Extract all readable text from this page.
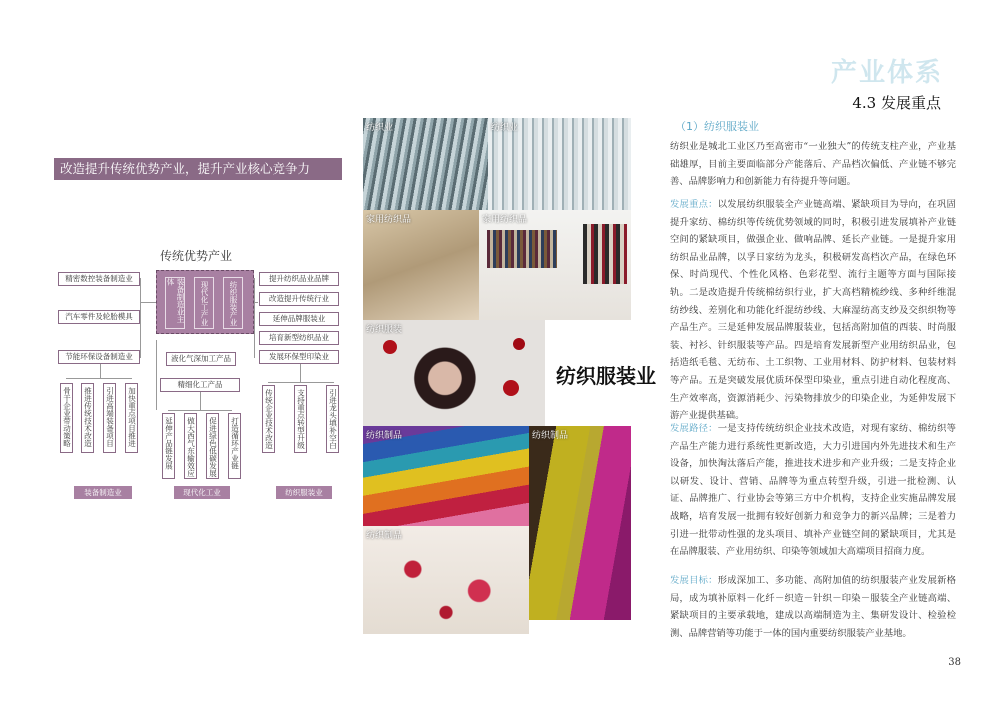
产业体系
4.3 发展重点
改造提升传统优势产业，提升产业核心竞争力
传统优势产业
精密数控装备制造业
汽车零件及轮胎模具
节能环保设备制造业
装备制造业主体	现代化工产业	纺织服装产业
提升纺织品业品牌
改造提升传统行业
延伸品牌服装业
培育新型纺织品业
发展环保型印染业
液化气深加工产品
精细化工产品
骨干企业带动策略	推进传统技术改造	引进高端装备项目	加快重点项目推进	延伸产品链发展	做大西气东输效应	促进绿色低碳发展	打造循环产业链	传统企业技术改造	支持重点转型升级	引进龙头填补空白
装备制造业	现代化工业	纺织服装业
纺织业	纺织业
家用纺织品	家用纺织品
纺织服装
纺织服装业
纺织制品	纺织制品
纺织制品
（1）纺织服装业
纺织业是城北工业区乃至高密市“一业独大”的传统支柱产业，产业基础雄厚，目前主要面临部分产能落后、产品档次偏低、产业链不够完善、品牌影响力和创新能力有待提升等问题。
发展重点：以发展纺织服装全产业链高端、紧缺项目为导向，在巩固提升家纺、棉纺织等传统优势领域的同时，积极引进发展填补产业链空间的紧缺项目，做强企业、做响品牌、延长产业链。一是提升家用纺织品业品牌，以孚日家纺为龙头，积极研发高档次产品，在绿色环保、时尚现代、个性化风格、色彩花型、流行主题等方面与国际接轨。二是改造提升传统棉纺织行业，扩大高档精梳纱线、多种纤维混纺纱线、差别化和功能化纤混纺纱线、大麻湿纺高支纱及交织织物等产品生产。三是延伸发展品牌服装业，包括高附加值的西装、时尚服装、衬衫、针织服装等产品。四是培育发展新型产业用纺织品业，包括造纸毛毯、无纺布、土工织物、工业用材料、防护材料、包装材料等产品。五是突破发展优质环保型印染业，重点引进自动化程度高、生产效率高，资源消耗少、污染物排放少的印染企业，为延伸发展下游产业提供基础。
发展路径：一是支持传统纺织企业技术改造，对现有家纺、棉纺织等产品生产能力进行系统性更新改造，大力引进国内外先进技术和生产设备，加快淘汰落后产能，推进技术进步和产业升级；二是支持企业以研发、设计、营销、品牌等为重点转型升级，引进一批检测、认证、品牌推广、行业协会等第三方中介机构，支持企业实施品牌发展战略，培育发展一批拥有较好创新力和竞争力的新兴品牌；三是着力引进一批带动性强的龙头项目、填补产业链空间的紧缺项目，尤其是在品牌服装、产业用纺织、印染等领域加大高端项目招商力度。
发展目标：形成深加工、多功能、高附加值的纺织服装产业发展新格局，成为填补原料－化纤－织造－针织－印染－服装全产业链高端、紧缺项目的主要承载地，建成以高端制造为主、集研发设计、检验检测、品牌营销等功能于一体的国内重要纺织服装产业基地。
38
